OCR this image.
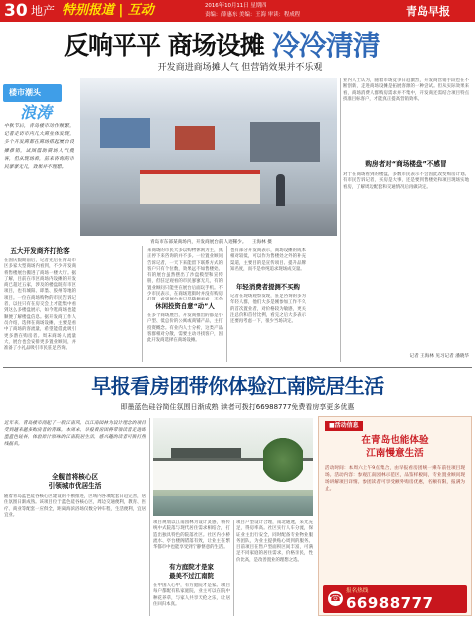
30 地产 特别报道 | 互动	2016年10月11日 星期四
责编：薛惠东 美编：王海 审读：程成程	青岛早报
反响平平 商场设摊 冷冷清清
开发商进商场摊人气 但营销效果并不乐观
楼市潮头
浪涛
中秋节后，青岛楼市动作频繁，记者走访市内几大商业体发现，多个开发商都在商场搭起展台设摊推销，试图借助商场人气揽客，但从现场看，前来咨询的市民寥寥无几，效果并不理想。
青岛市东部某商场内，开发商展台前人迹稀少。 王海林 摄
五大开发商齐打抢客
在国庆假期前后，记者先后在青岛市区多家大型商场内看到，不少开发商将售楼展台搬进了商场一楼大厅。据了解，目前在市区商场内设摊的开发商已超过五家，涉及的楼盘既有市区项目，也有城阳、即墨、胶州等地的项目。一位在商场购物的市民告诉记者，以往只有在房交会上才能集中看到这么多楼盘展示，如今逛商场也能顺便了解楼盘信息。据开发商工作人员介绍，选择在商场设摊，主要是看中了商场的客流量，希望能借此吸引更多潜在购房者。周末商场人流量大，展台也会安排更多置业顾问，并准备了小礼品吸引市民驻足咨询。
来商场的市民大多以购物休闲为主，真正停下来咨询的并不多。一位置业顾问告诉记者，一天下来能留下联系方式的客户只有个位数，效果远不如售楼处。有的展台虽然摆出了沙盘模型和宣传册，但驻足观看的市民寥寥无几，有的置业顾问只能坐在展台后面玩手机。不少市民表示，在商场逛街时并没有购房
休闲投资自意“动”人
在多个商场展台，开发商推出的都是小户型、低总价的公寓或商铺产品，主打投资概念。有业内人士分析，这类产品客群相对分散，需要主动寻找客户，因此开发商选择在商场设摊。
也有部分开发商表示，商场设摊的成本相对较低，可以作为售楼处之外的补充渠道，主要目的是宣传项目、提升品牌知名度，而不是单纯追求现场成交量。
年轻消费者提测不买购
记者在现场观察发现，驻足咨询的多为年轻人群，他们大多是刚参加工作不久的首次置业者，对价格较为敏感，更关注总价和首付比例，看完之后大多表示还要再考虑一下，很少当场决定。
业内人士认为，随着市场竞争日趋激烈，开发商营销手段也在不断创新，走进商场设摊是拓展客源的一种尝试。但从实际效果来看，商场消费人群购房需求并不集中，开发商还需结合项目特点找准目标客户，才能真正提高营销效率。
购房者对“商场楼盘”不感冒
对于在商场看到的楼盘，多数市民表示不会因此改变购房计划。有市民告诉记者，买房是大事，还是要到售楼处和项目现场实地看房，了解周边配套和交通情况后再做决定。
记者 王海林 见习记者 潘晓华
早报看房团带你体验江南院居生活
即墨蓝色硅谷简住氛围日渐成熟 读者可拨打66988777免费看房享更多优惠
近年来，青岛楼市刮起了一股江南风，以江南园林为设计理念的项目受到越来越多购房者的青睐。本周末，早报看房团将带领读者走进即墨蓝色硅谷，体验原汁原味的江南院居生活，感兴趣的读者可拨打热线报名。
全舰首将核心区
引领城市优居生活
随着青岛蓝色硅谷核心区建设的不断推进，区域内各项配套日趋完善，居住氛围日渐成熟。该项目位于蓝色硅谷核心区，周边交通便利，教育、医疗、商业等配套一应俱全，距离海滨浴场仅数分钟车程，生活便利，宜居宜业。
项目规划以江南园林为设计灵感，将传统中式院落与现代居住需求相结合，打造出独具特色的院落社区。社区内小桥流水、亭台楼阁错落有致，让业主在繁华都市中也能享受到宁静惬意的生活。
有方庭院才是家
最美不过江南院
在中国人心中，有方庭院才是家。项目每户都配有私家庭院，业主可以在院中种花养草，与家人共享天伦之乐，让居住回归本真。
项目户型设计合理，南北通透，采光充足，得房率高。社区实行人车分流，保证业主出行安全，同时配备专业物业服务团队，为业主提供贴心周到的服务。目前项目在售户型面积区间丰富，可满足不同家庭的居住需求，价格亲民，性价比高，是改善置业的理想之选。
■活动信息
在青岛也能体验
江南慢意生活
活动时间：本周六上午9点集合，由早报看房团统一乘车前往项目现场。活动内容：参观江南园林示范区，品鉴样板间，专业置业顾问现场讲解项目详情。参团读者可享受额外购房优惠，名额有限，报满为止。
☎
报名热线
66988777
